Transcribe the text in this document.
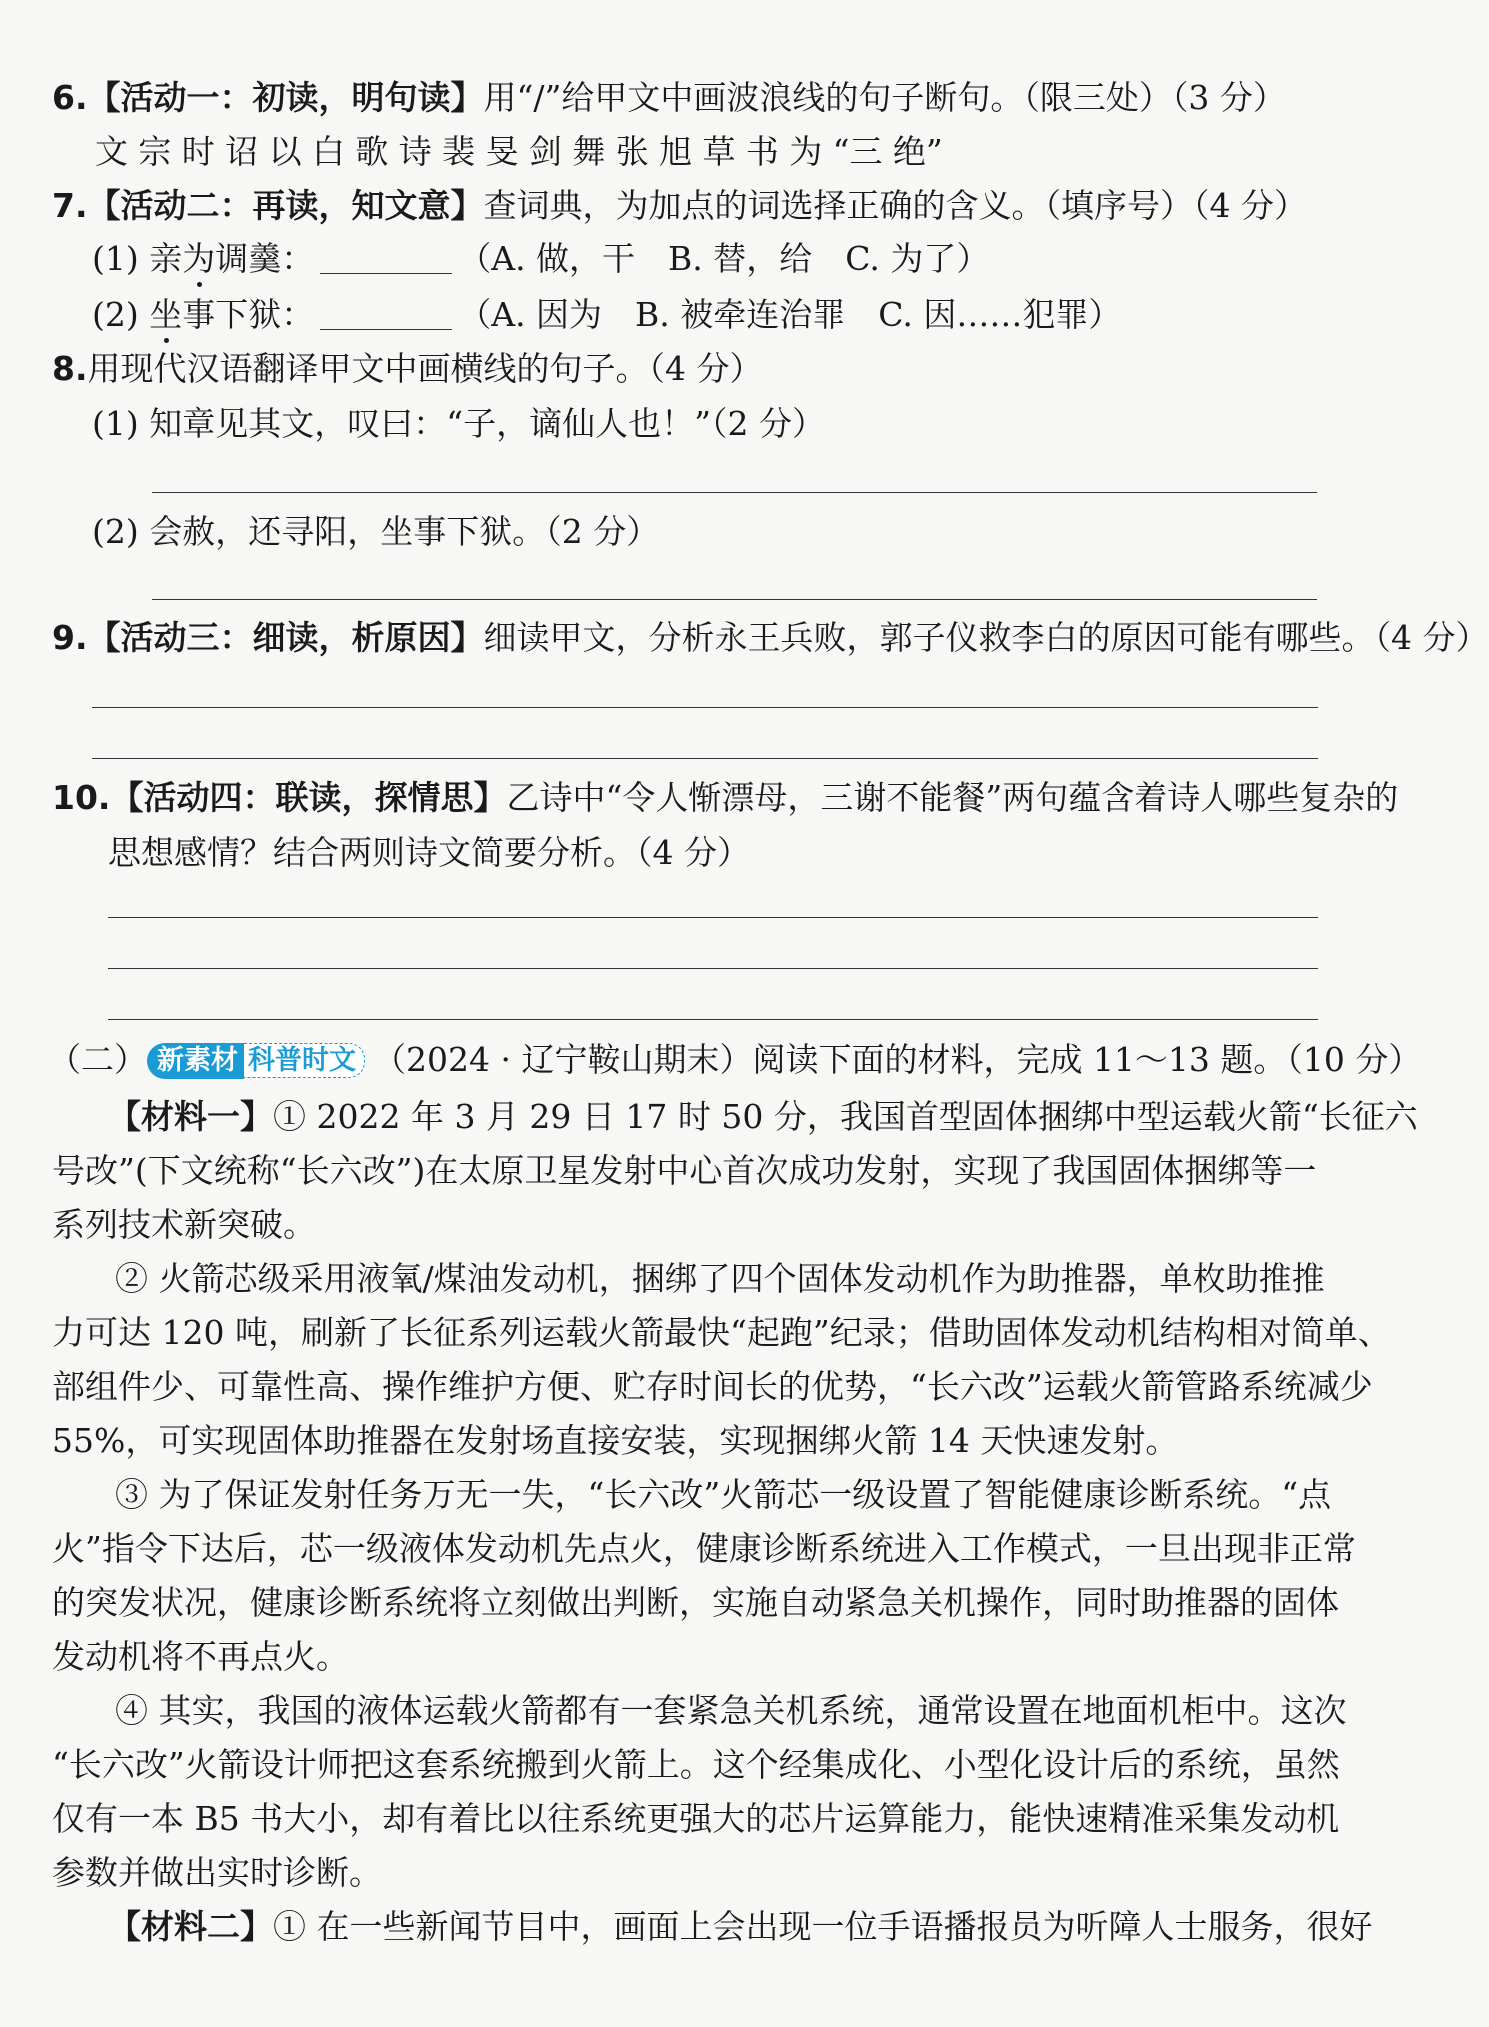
6.【活动一：初读，明句读】用“/”给甲文中画波浪线的句子断句。（限三处）（3 分）
文 宗 时 诏 以 白 歌 诗 裴 旻 剑 舞 张 旭 草 书 为 “三 绝”
7.【活动二：再读，知文意】查词典，为加点的词选择正确的含义。（填序号）（4 分）
(1) 亲为调羹：	（A. 做，干　B. 替，给　C. 为了）
(2) 坐事下狱：	（A. 因为　B. 被牵连治罪　C. 因……犯罪）
8.用现代汉语翻译甲文中画横线的句子。（4 分）
(1) 知章见其文，叹曰：“子，谪仙人也！”（2 分）
(2) 会赦，还寻阳，坐事下狱。（2 分）
9.【活动三：细读，析原因】细读甲文，分析永王兵败，郭子仪救李白的原因可能有哪些。（4 分）
10.【活动四：联读，探情思】乙诗中“令人惭漂母，三谢不能餐”两句蕴含着诗人哪些复杂的
思想感情？结合两则诗文简要分析。（4 分）
（二） 新素材 科普时文 （2024 · 辽宁鞍山期末）阅读下面的材料，完成 11～13 题。（10 分）
【材料一】① 2022 年 3 月 29 日 17 时 50 分，我国首型固体捆绑中型运载火箭“长征六
号改”(下文统称“长六改”)在太原卫星发射中心首次成功发射，实现了我国固体捆绑等一
系列技术新突破。
② 火箭芯级采用液氧/煤油发动机，捆绑了四个固体发动机作为助推器，单枚助推推
力可达 120 吨，刷新了长征系列运载火箭最快“起跑”纪录；借助固体发动机结构相对简单、
部组件少、可靠性高、操作维护方便、贮存时间长的优势，“长六改”运载火箭管路系统减少
55%，可实现固体助推器在发射场直接安装，实现捆绑火箭 14 天快速发射。
③ 为了保证发射任务万无一失，“长六改”火箭芯一级设置了智能健康诊断系统。“点
火”指令下达后，芯一级液体发动机先点火，健康诊断系统进入工作模式，一旦出现非正常
的突发状况，健康诊断系统将立刻做出判断，实施自动紧急关机操作，同时助推器的固体
发动机将不再点火。
④ 其实，我国的液体运载火箭都有一套紧急关机系统，通常设置在地面机柜中。这次
“长六改”火箭设计师把这套系统搬到火箭上。这个经集成化、小型化设计后的系统，虽然
仅有一本 B5 书大小，却有着比以往系统更强大的芯片运算能力，能快速精准采集发动机
参数并做出实时诊断。
【材料二】① 在一些新闻节目中，画面上会出现一位手语播报员为听障人士服务，很好
